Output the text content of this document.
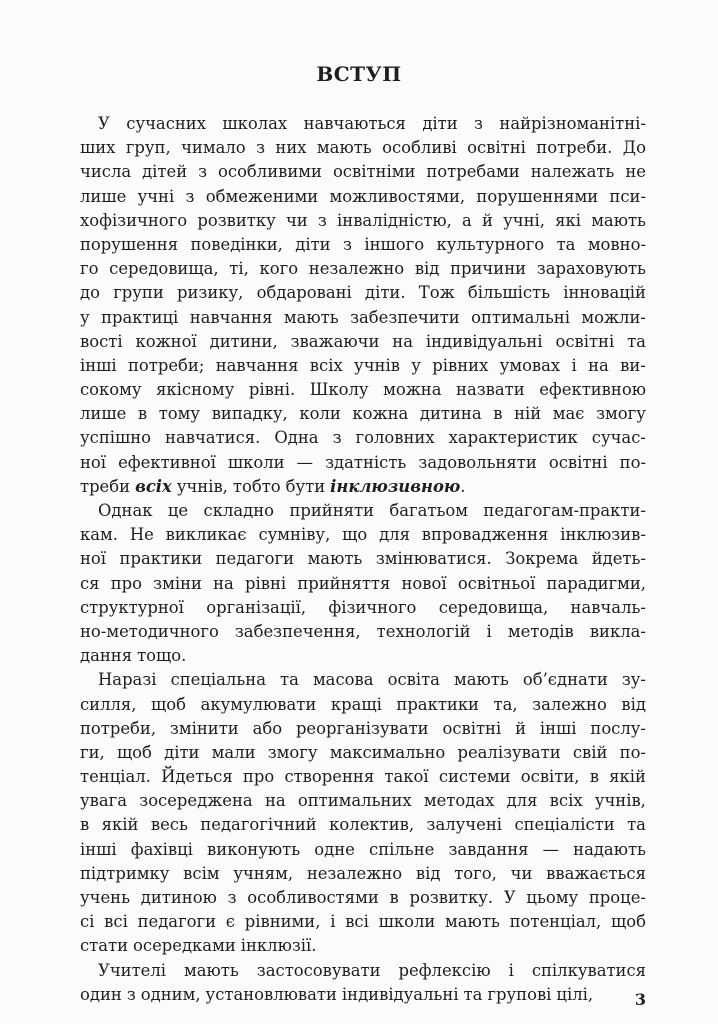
ВСТУП
У сучасних школах навчаються діти з найрізноманітні-
ших груп, чимало з них мають особливі освітні потреби. До
числа дітей з особливими освітніми потребами належать не
лише учні з обмеженими можливостями, порушеннями пси-
хофізичного розвитку чи з інвалідністю, а й учні, які мають
порушення поведінки, діти з іншого культурного та мовно-
го середовища, ті, кого незалежно від причини зараховують
до групи ризику, обдаровані діти. Тож більшість інновацій
у практиці навчання мають забезпечити оптимальні можли-
вості кожної дитини, зважаючи на індивідуальні освітні та
інші потреби; навчання всіх учнів у рівних умовах і на ви-
сокому якісному рівні. Школу можна назвати ефективною
лише в тому випадку, коли кожна дитина в ній має змогу
успішно навчатися. Одна з головних характеристик сучас-
ної ефективної школи — здатність задовольняти освітні по-
треби всіх учнів, тобто бути інклюзивною.
Однак це складно прийняти багатьом педагогам-практи-
кам. Не викликає сумніву, що для впровадження інклюзив-
ної практики педагоги мають змінюватися. Зокрема йдеть-
ся про зміни на рівні прийняття нової освітньої парадигми,
структурної організації, фізичного середовища, навчаль-
но-методичного забезпечення, технологій і методів викла-
дання тощо.
Наразі спеціальна та масова освіта мають об’єднати зу-
силля, щоб акумулювати кращі практики та, залежно від
потреби, змінити або реорганізувати освітні й інші послу-
ги, щоб діти мали змогу максимально реалізувати свій по-
тенціал. Йдеться про створення такої системи освіти, в якій
увага зосереджена на оптимальних методах для всіх учнів,
в якій весь педагогічний колектив, залучені спеціалісти та
інші фахівці виконують одне спільне завдання — надають
підтримку всім учням, незалежно від того, чи вважається
учень дитиною з особливостями в розвитку. У цьому проце-
сі всі педагоги є рівними, і всі школи мають потенціал, щоб
стати осередками інклюзії.
Учителі мають застосовувати рефлексію і спілкуватися
один з одним, установлювати індивідуальні та групові цілі,	3
